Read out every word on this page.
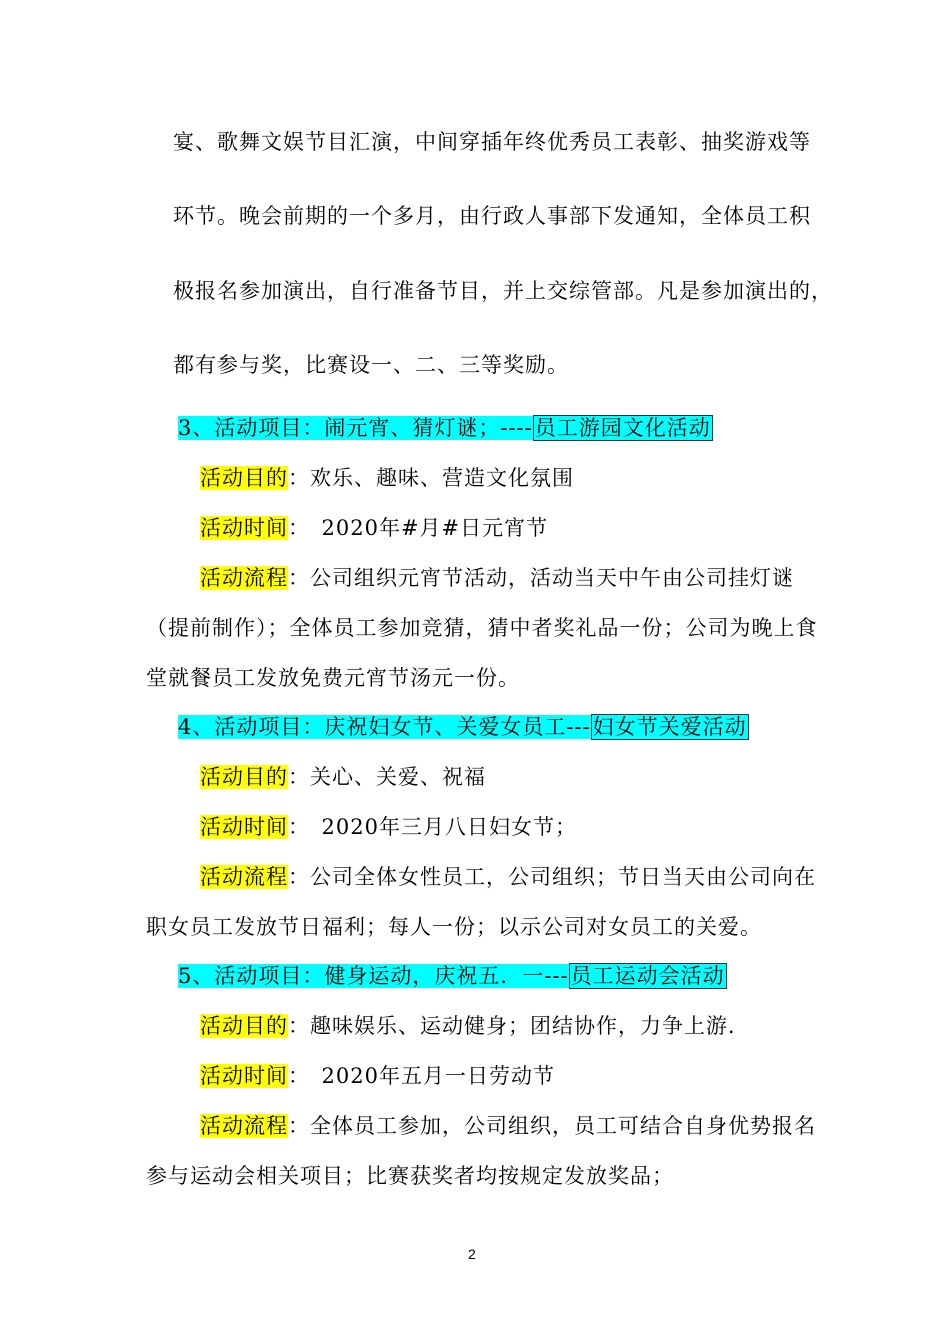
宴、歌舞文娱节目汇演，中间穿插年终优秀员工表彰、抽奖游戏等
环节。晚会前期的一个多月，由行政人事部下发通知，全体员工积
极报名参加演出，自行准备节目，并上交综管部。凡是参加演出的，
都有参与奖，比赛设一、二、三等奖励。
3、活动项目：闹元宵、猜灯谜；----员工游园文化活动
活动目的：欢乐、趣味、营造文化氛围
活动时间：　2020年#月#日元宵节
活动流程：公司组织元宵节活动，活动当天中午由公司挂灯谜
（提前制作）；全体员工参加竞猜，猜中者奖礼品一份；公司为晚上食
堂就餐员工发放免费元宵节汤元一份。
4、活动项目：庆祝妇女节、关爱女员工---妇女节关爱活动
活动目的：关心、关爱、祝福
活动时间：　2020年三月八日妇女节；
活动流程：公司全体女性员工，公司组织；节日当天由公司向在
职女员工发放节日福利；每人一份；以示公司对女员工的关爱。
5、活动项目：健身运动，庆祝五．一---员工运动会活动
活动目的：趣味娱乐、运动健身；团结协作，力争上游．
活动时间：　2020年五月一日劳动节
活动流程：全体员工参加，公司组织，员工可结合自身优势报名
参与运动会相关项目；比赛获奖者均按规定发放奖品；
2
